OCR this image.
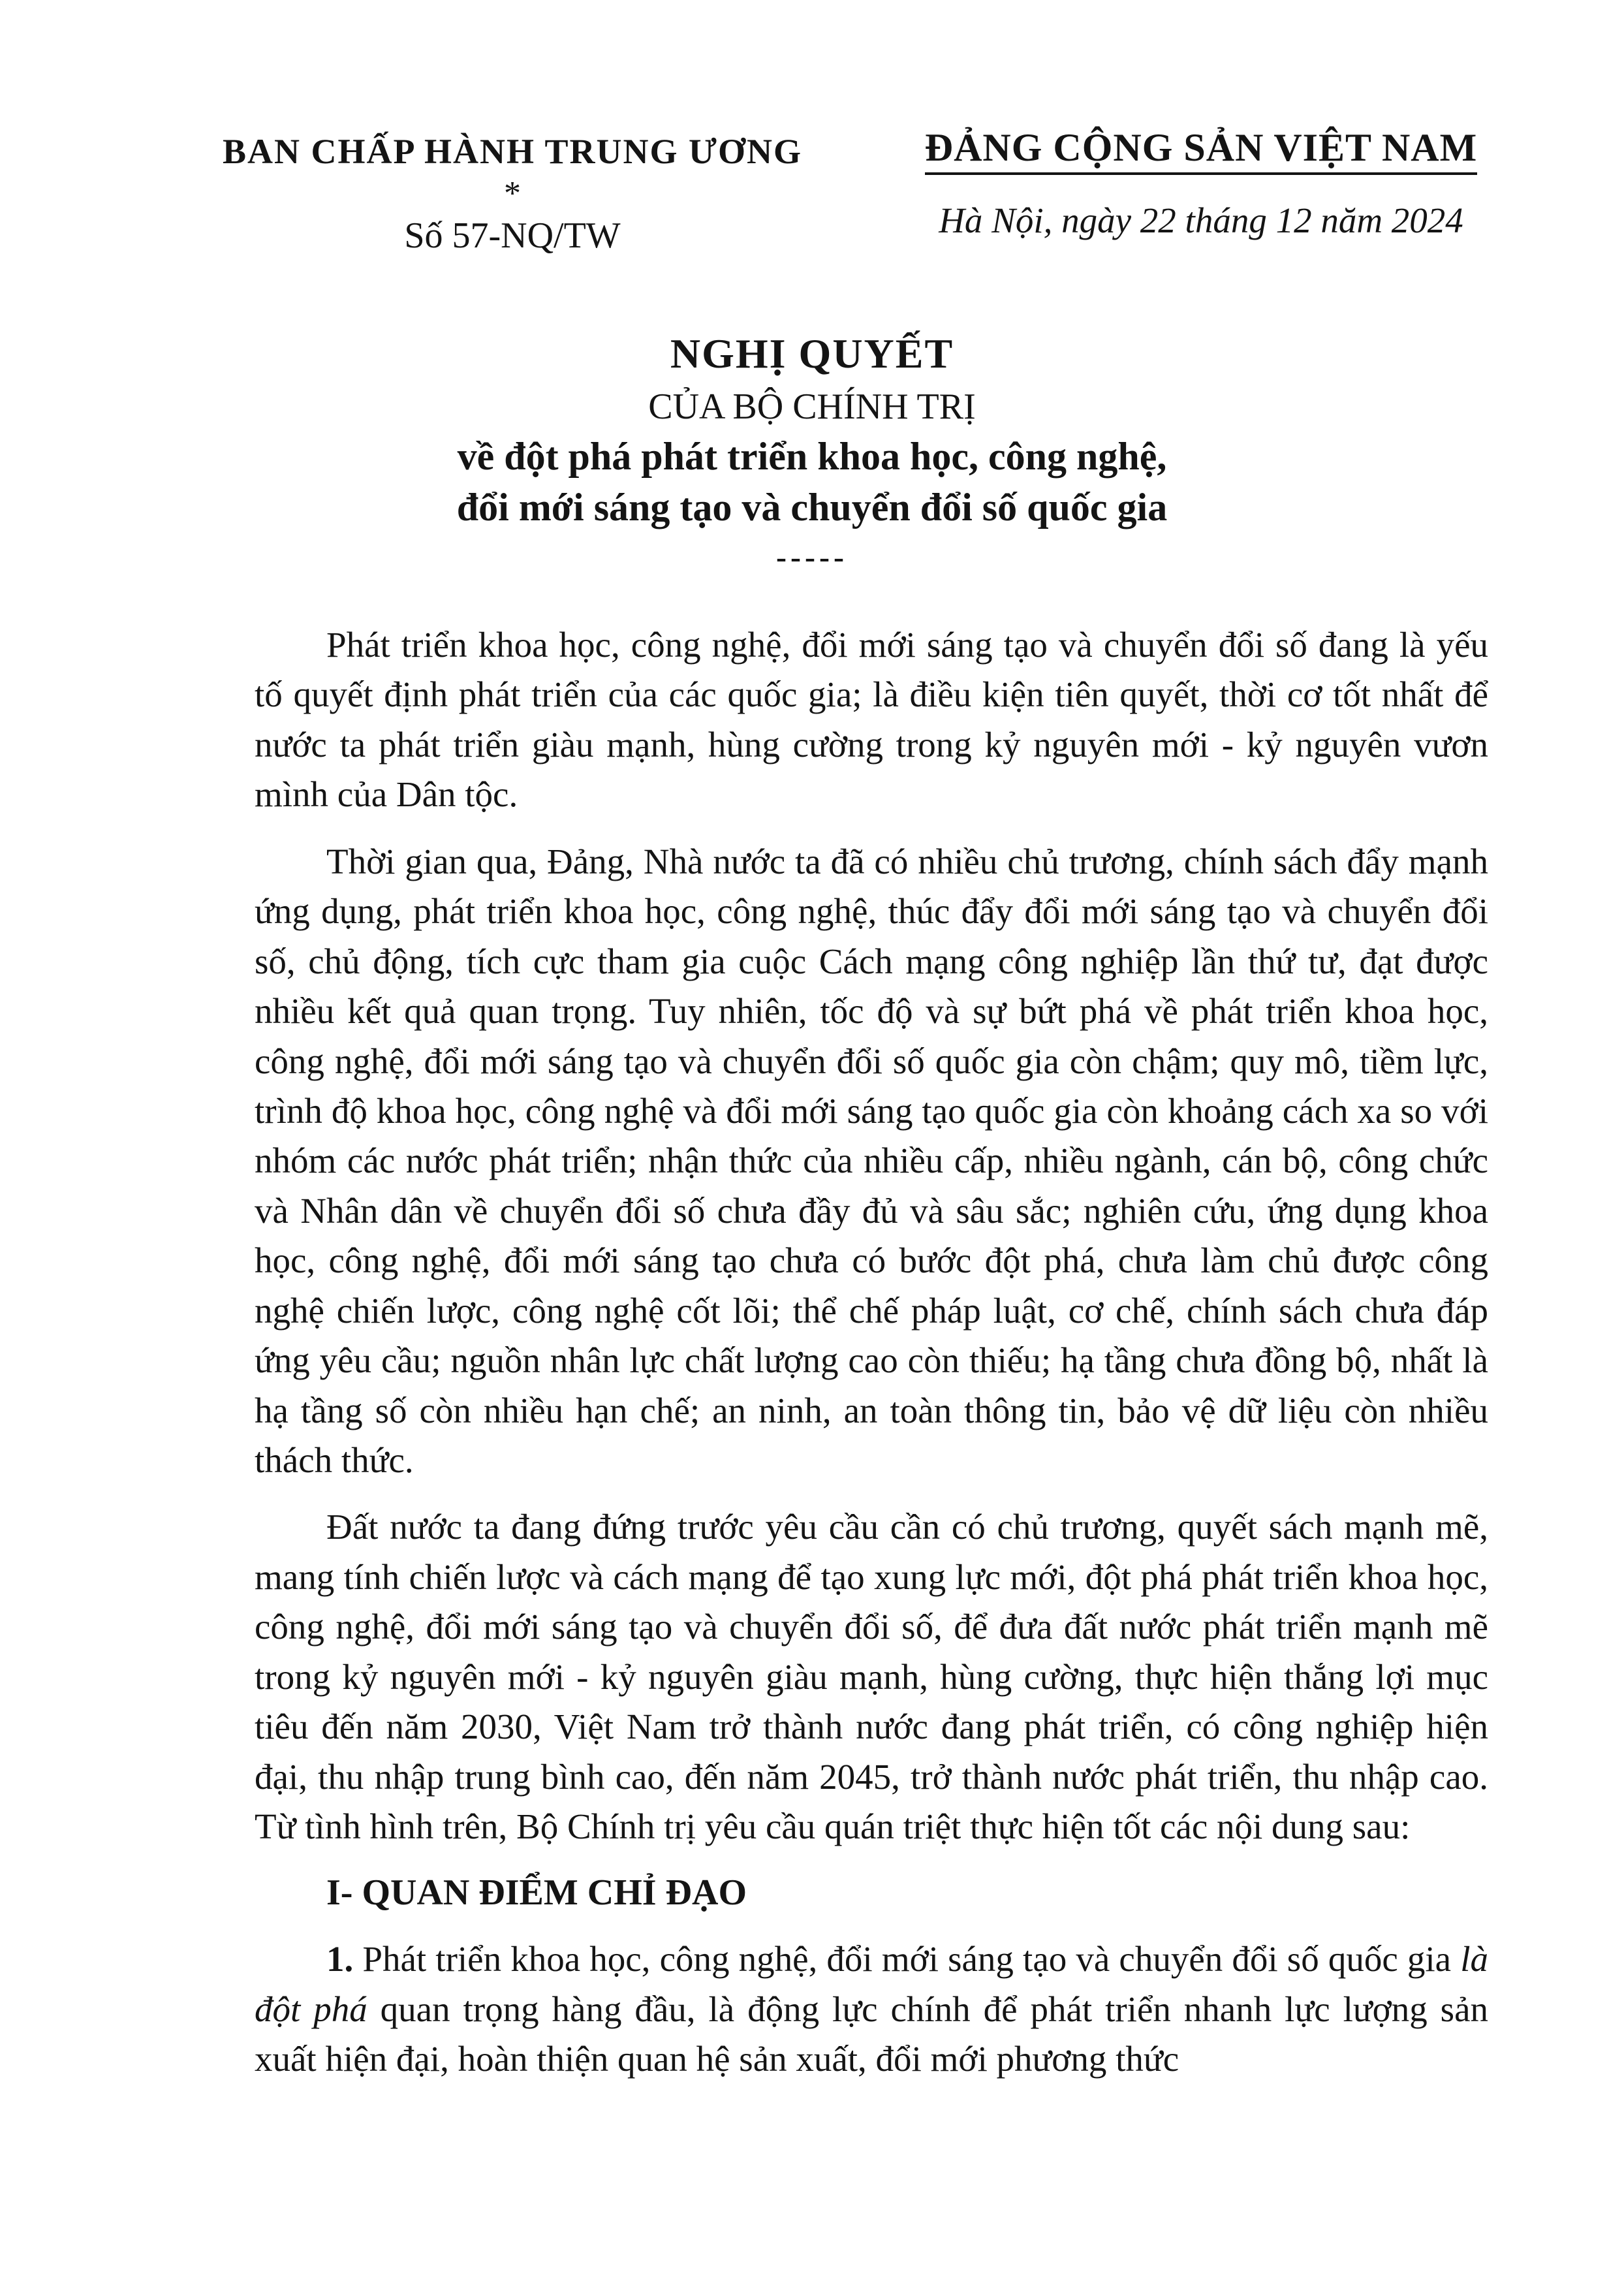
BAN CHẤP HÀNH TRUNG ƯƠNG
*
Số 57-NQ/TW
ĐẢNG CỘNG SẢN VIỆT NAM
Hà Nội, ngày 22 tháng 12 năm 2024
NGHỊ QUYẾT
CỦA BỘ CHÍNH TRỊ
về đột phá phát triển khoa học, công nghệ,
đổi mới sáng tạo và chuyển đổi số quốc gia
-----

Phát triển khoa học, công nghệ, đổi mới sáng tạo và chuyển đổi số đang là yếu tố quyết định phát triển của các quốc gia; là điều kiện tiên quyết, thời cơ tốt nhất để nước ta phát triển giàu mạnh, hùng cường trong kỷ nguyên mới - kỷ nguyên vươn mình của Dân tộc.

Thời gian qua, Đảng, Nhà nước ta đã có nhiều chủ trương, chính sách đẩy mạnh ứng dụng, phát triển khoa học, công nghệ, thúc đẩy đổi mới sáng tạo và chuyển đổi số, chủ động, tích cực tham gia cuộc Cách mạng công nghiệp lần thứ tư, đạt được nhiều kết quả quan trọng. Tuy nhiên, tốc độ và sự bứt phá về phát triển khoa học, công nghệ, đổi mới sáng tạo và chuyển đổi số quốc gia còn chậm; quy mô, tiềm lực, trình độ khoa học, công nghệ và đổi mới sáng tạo quốc gia còn khoảng cách xa so với nhóm các nước phát triển; nhận thức của nhiều cấp, nhiều ngành, cán bộ, công chức và Nhân dân về chuyển đổi số chưa đầy đủ và sâu sắc; nghiên cứu, ứng dụng khoa học, công nghệ, đổi mới sáng tạo chưa có bước đột phá, chưa làm chủ được công nghệ chiến lược, công nghệ cốt lõi; thể chế pháp luật, cơ chế, chính sách chưa đáp ứng yêu cầu; nguồn nhân lực chất lượng cao còn thiếu; hạ tầng chưa đồng bộ, nhất là hạ tầng số còn nhiều hạn chế; an ninh, an toàn thông tin, bảo vệ dữ liệu còn nhiều thách thức.

Đất nước ta đang đứng trước yêu cầu cần có chủ trương, quyết sách mạnh mẽ, mang tính chiến lược và cách mạng để tạo xung lực mới, đột phá phát triển khoa học, công nghệ, đổi mới sáng tạo và chuyển đổi số, để đưa đất nước phát triển mạnh mẽ trong kỷ nguyên mới - kỷ nguyên giàu mạnh, hùng cường, thực hiện thắng lợi mục tiêu đến năm 2030, Việt Nam trở thành nước đang phát triển, có công nghiệp hiện đại, thu nhập trung bình cao, đến năm 2045, trở thành nước phát triển, thu nhập cao. Từ tình hình trên, Bộ Chính trị yêu cầu quán triệt thực hiện tốt các nội dung sau:

I- QUAN ĐIỂM CHỈ ĐẠO

1. Phát triển khoa học, công nghệ, đổi mới sáng tạo và chuyển đổi số quốc gia là đột phá quan trọng hàng đầu, là động lực chính để phát triển nhanh lực lượng sản xuất hiện đại, hoàn thiện quan hệ sản xuất, đổi mới phương thức
